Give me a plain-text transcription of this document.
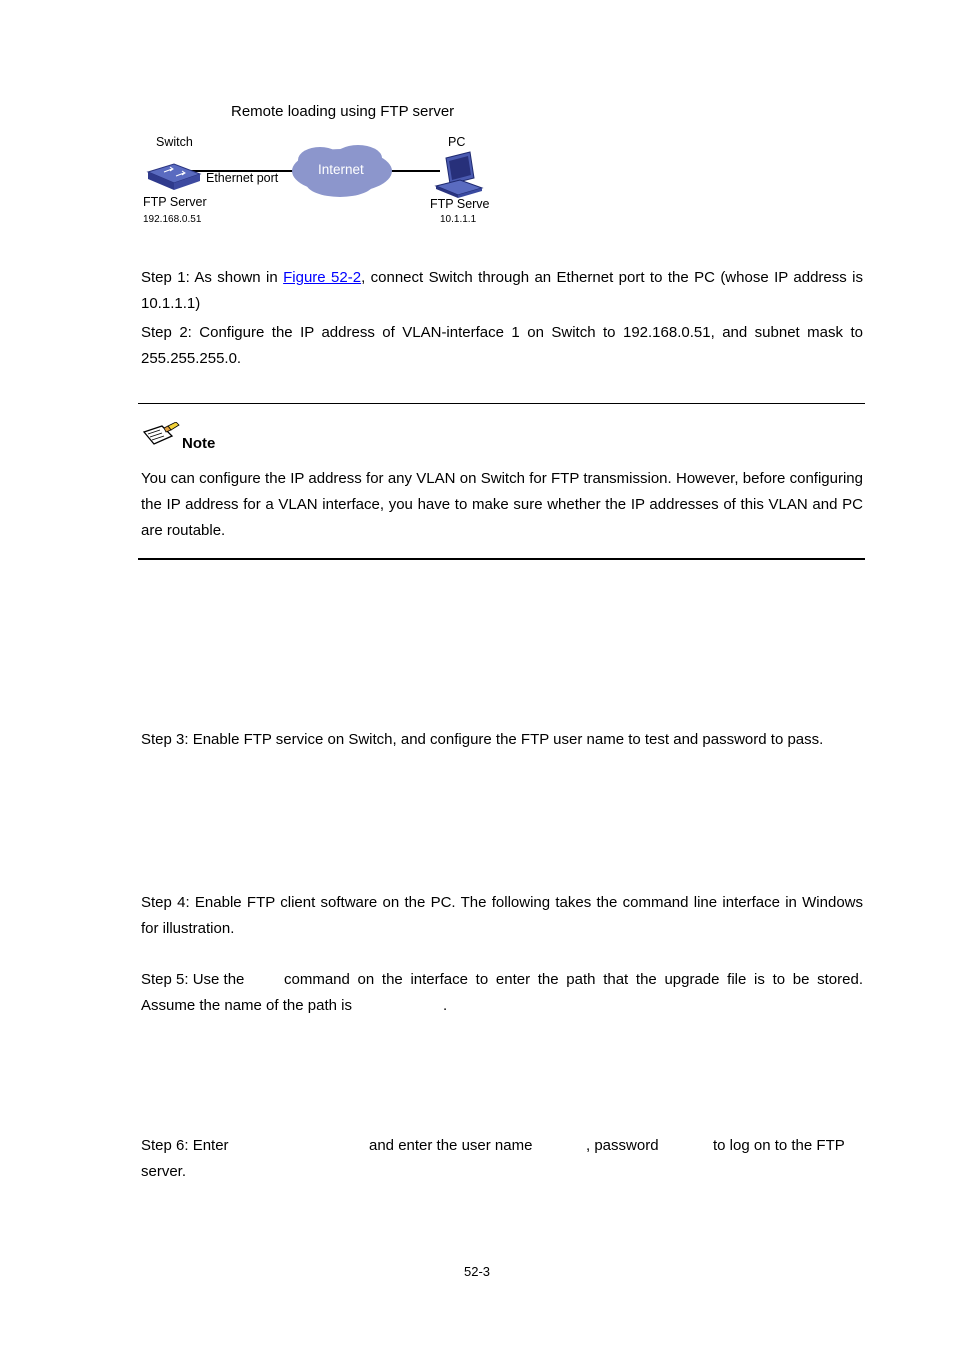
Remote loading using FTP server
Switch
Internet
Ethernet port
PC
FTP Server
192.168.0.51
FTP Serve
10.1.1.1
Step 1: As shown in Figure 52-2, connect Switch through an Ethernet port to the PC (whose IP address is 10.1.1.1)
Step 2: Configure the IP address of VLAN-interface 1 on Switch to 192.168.0.51, and subnet mask to 255.255.255.0.
Note
You can configure the IP address for any VLAN on Switch for FTP transmission. However, before configuring the IP address for a VLAN interface, you have to make sure whether the IP addresses of this VLAN and PC are routable.
Step 3: Enable FTP service on Switch, and configure the FTP user name to test and password to pass.
Step 4: Enable FTP client software on the PC. The following takes the command line interface in Windows for illustration.
Step 5: Use the	command on the interface to enter the path that the upgrade file is to be stored.
Assume the name of the path is	.
Step 6: Enter	and enter the user name	, password	to log on to the FTP
server.
52-3
